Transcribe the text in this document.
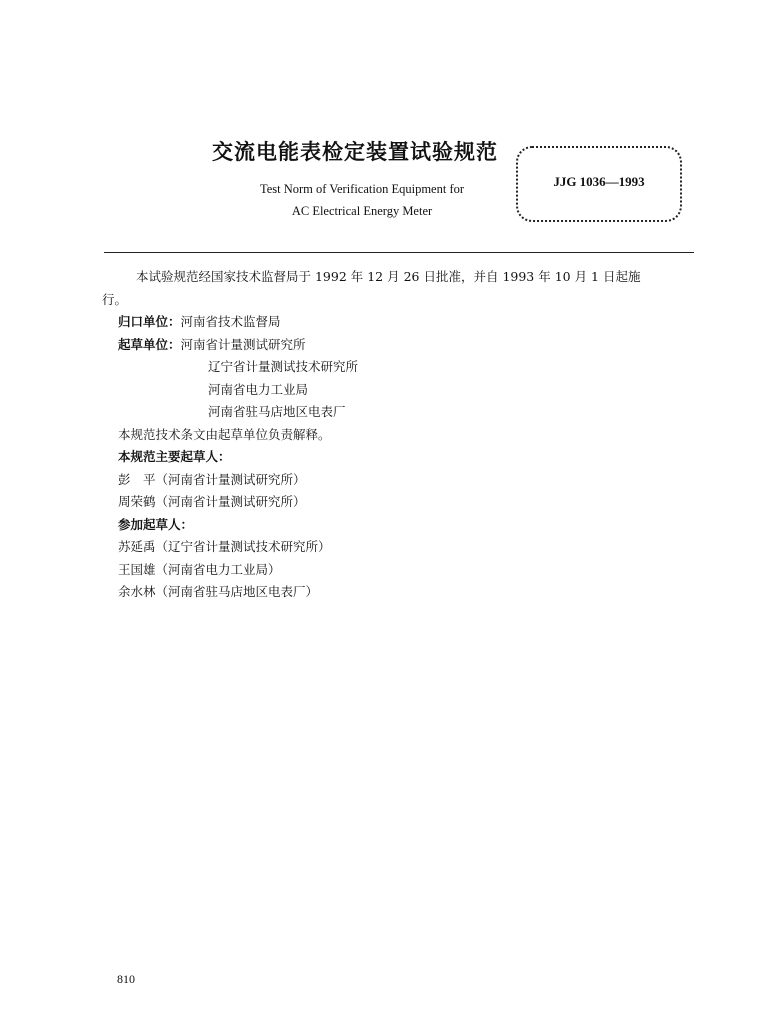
交流电能表检定装置试验规范
Test Norm of Verification Equipment for
AC Electrical Energy Meter
JJG 1036—1993
本试验规范经国家技术监督局于 1992 年 12 月 26 日批准，并自 1993 年 10 月 1 日起施
行。
归口单位：河南省技术监督局
起草单位：河南省计量测试研究所
辽宁省计量测试技术研究所
河南省电力工业局
河南省驻马店地区电表厂
本规范技术条文由起草单位负责解释。
本规范主要起草人：
彭　平（河南省计量测试研究所）
周荣鹤（河南省计量测试研究所）
参加起草人：
苏延禹（辽宁省计量测试技术研究所）
王国雄（河南省电力工业局）
余水林（河南省驻马店地区电表厂）
810
